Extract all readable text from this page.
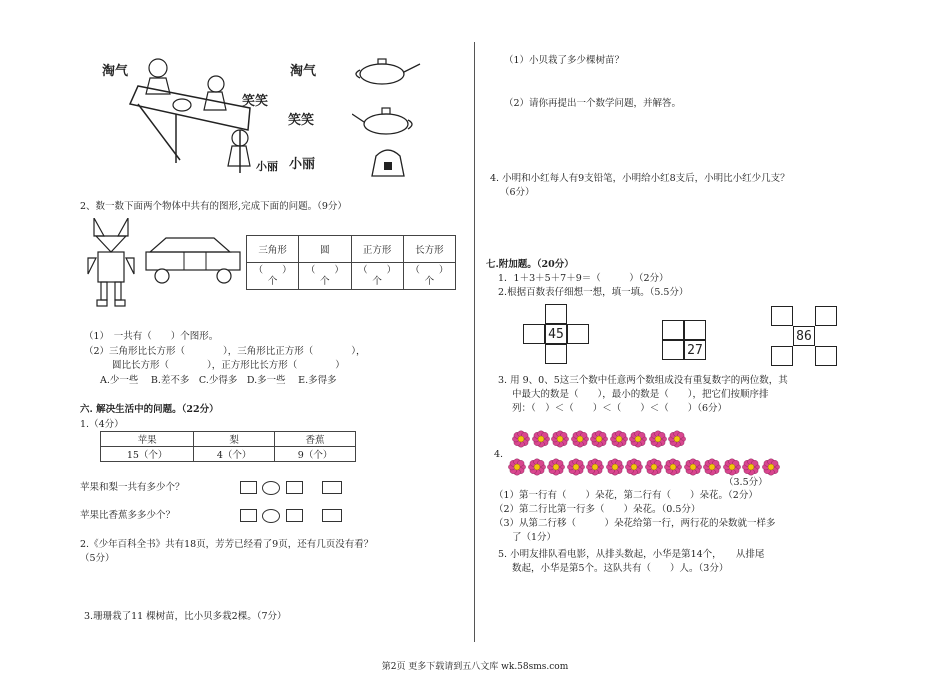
淘气
笑笑
小丽 小丽
淘气
笑笑
2、数一数下面两个物体中共有的图形,完成下面的问题。（9分）
三角形	圆	正方形	长方形
（　　）个	（　　）个	（　　）个	（　　）个
（1）　一共有（　　）个图形。
（2）三角形比长方形（　　　　），三角形比正方形（　　　　），
圆比长方形（　　　　），正方形比长方形（　　　　）
A.少一些　 B.差不多　C.少得多　D.多一些　 E.多得多
六. 解决生活中的问题。（22分）
1.（4分）
苹果	梨	香蕉
15（个）	4（个）	9（个）
苹果和梨一共有多少个？
苹果比香蕉多多少个？
2.《少年百科全书》共有18页，芳芳已经看了9页，还有几页没有看？
（5分）
3.珊珊栽了11 棵树苗，比小贝多栽2棵。（7分）
（1）小贝栽了多少棵树苗？
（2）请你再提出一个数学问题，并解答。
4. 小明和小红每人有9支铅笔，小明给小红8支后，小明比小红少几支？
（6分）
七.附加题。（20分）
1．1＋3＋5＋7＋9＝（　　　）（2分）
2.根据百数表仔细想一想，填一填。（5.5分）
45
27
86
3. 用 9、0、5这三个数中任意两个数组成没有重复数字的两位数，其
中最大的数是（　　），最小的数是（　　），把它们按顺序排
列：（　）＜（　　）＜（　　）＜（　　）（6分）
4.
（3.5分）
（1）第一行有（　　）朵花，第二行有（　　）朵花。（2分）
（2）第二行比第一行多（　　）朵花。（0.5分）
（3）从第二行移（　　　）朵花给第一行，两行花的朵数就一样多
了（1分）
5. 小明友排队看电影，从排头数起，小华是第14个，　　从排尾
数起，小华是第5个。这队共有（　　）人。（3分）
第2页 更多下载请到五八文库 wk.58sms.com
